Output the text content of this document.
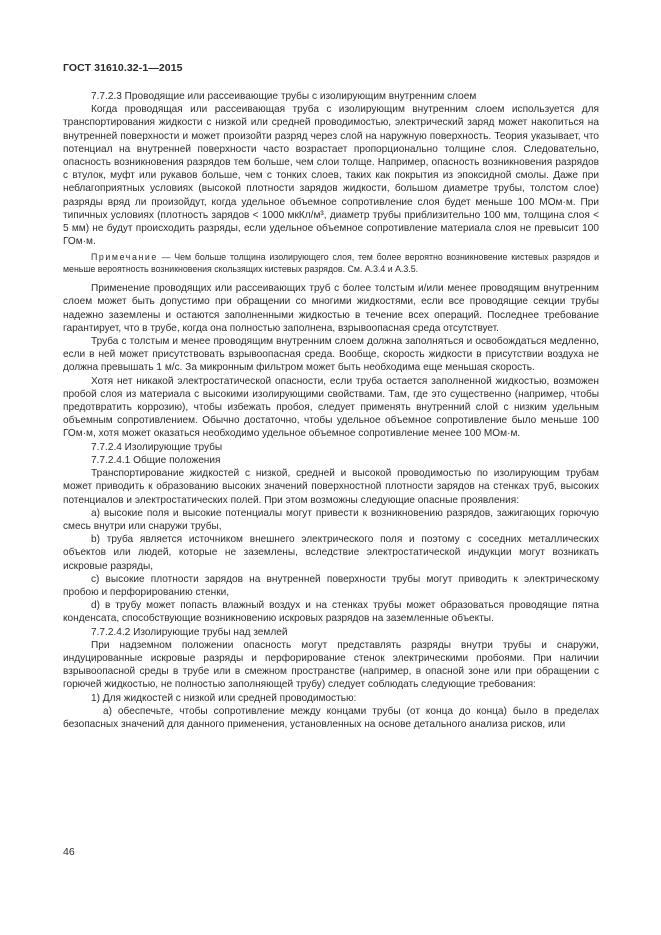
ГОСТ 31610.32-1—2015

7.7.2.3 Проводящие или рассеивающие трубы с изолирующим внутренним слоем

Когда проводящая или рассеивающая труба с изолирующим внутренним слоем используется для транспортирования жидкости с низкой или средней проводимостью, электрический заряд может накопиться на внутренней поверхности и может произойти разряд через слой на наружную поверхность. Теория указывает, что потенциал на внутренней поверхности часто возрастает пропорционально толщине слоя. Следовательно, опасность возникновения разрядов тем больше, чем слои толще. Например, опасность возникновения разрядов с втулок, муфт или рукавов больше, чем с тонких слоев, таких как покрытия из эпоксидной смолы. Даже при неблагоприятных условиях (высокой плотности зарядов жидкости, большом диаметре трубы, толстом слое) разряды вряд ли произойдут, когда удельное объемное сопротивление слоя будет меньше 100 МОм·м. При типичных условиях (плотность зарядов < 1000 мкКл/м³, диаметр трубы приблизительно 100 мм, толщина слоя < 5 мм) не будут происходить разряды, если удельное объемное сопротивление материала слоя не превысит 100 ГОм·м.

Примечание — Чем больше толщина изолирующего слоя, тем более вероятно возникновение кистевых разрядов и меньше вероятность возникновения скользящих кистевых разрядов. См. А.3.4 и А.3.5.

Применение проводящих или рассеивающих труб с более толстым и/или менее проводящим внутренним слоем может быть допустимо при обращении со многими жидкостями, если все проводящие секции трубы надежно заземлены и остаются заполненными жидкостью в течение всех операций. Последнее требование гарантирует, что в трубе, когда она полностью заполнена, взрывоопасная среда отсутствует.

Труба с толстым и менее проводящим внутренним слоем должна заполняться и освобождаться медленно, если в ней может присутствовать взрывоопасная среда. Вообще, скорость жидкости в присутствии воздуха не должна превышать 1 м/с. За микронным фильтром может быть необходима еще меньшая скорость.

Хотя нет никакой электростатической опасности, если труба остается заполненной жидкостью, возможен пробой слоя из материала с высокими изолирующими свойствами. Там, где это существенно (например, чтобы предотвратить коррозию), чтобы избежать пробоя, следует применять внутренний слой с низким удельным объемным сопротивлением. Обычно достаточно, чтобы удельное объемное сопротивление было меньше 100 ГОм·м, хотя может оказаться необходимо удельное объемное сопротивление менее 100 МОм·м.

7.7.2.4 Изолирующие трубы

7.7.2.4.1 Общие положения

Транспортирование жидкостей с низкой, средней и высокой проводимостью по изолирующим трубам может приводить к образованию высоких значений поверхностной плотности зарядов на стенках труб, высоких потенциалов и электростатических полей. При этом возможны следующие опасные проявления:

а) высокие поля и высокие потенциалы могут привести к возникновению разрядов, зажигающих горючую смесь внутри или снаружи трубы,

b) труба является источником внешнего электрического поля и поэтому с соседних металлических объектов или людей, которые не заземлены, вследствие электростатической индукции могут возникать искровые разряды,

с) высокие плотности зарядов на внутренней поверхности трубы могут приводить к электрическому пробою и перфорированию стенки,

d) в трубу может попасть влажный воздух и на стенках трубы может образоваться проводящие пятна конденсата, способствующие возникновению искровых разрядов на заземленные объекты.

7.7.2.4.2 Изолирующие трубы над землей

При надземном положении опасность могут представлять разряды внутри трубы и снаружи, индуцированные искровые разряды и перфорирование стенок электрическими пробоями. При наличии взрывоопасной среды в трубе или в смежном пространстве (например, в опасной зоне или при обращении с горючей жидкостью, не полностью заполняющей трубу) следует соблюдать следующие требования:

1) Для жидкостей с низкой или средней проводимостью:

а) обеспечьте, чтобы сопротивление между концами трубы (от конца до конца) было в пределах безопасных значений для данного применения, установленных на основе детального анализа рисков, или

46
